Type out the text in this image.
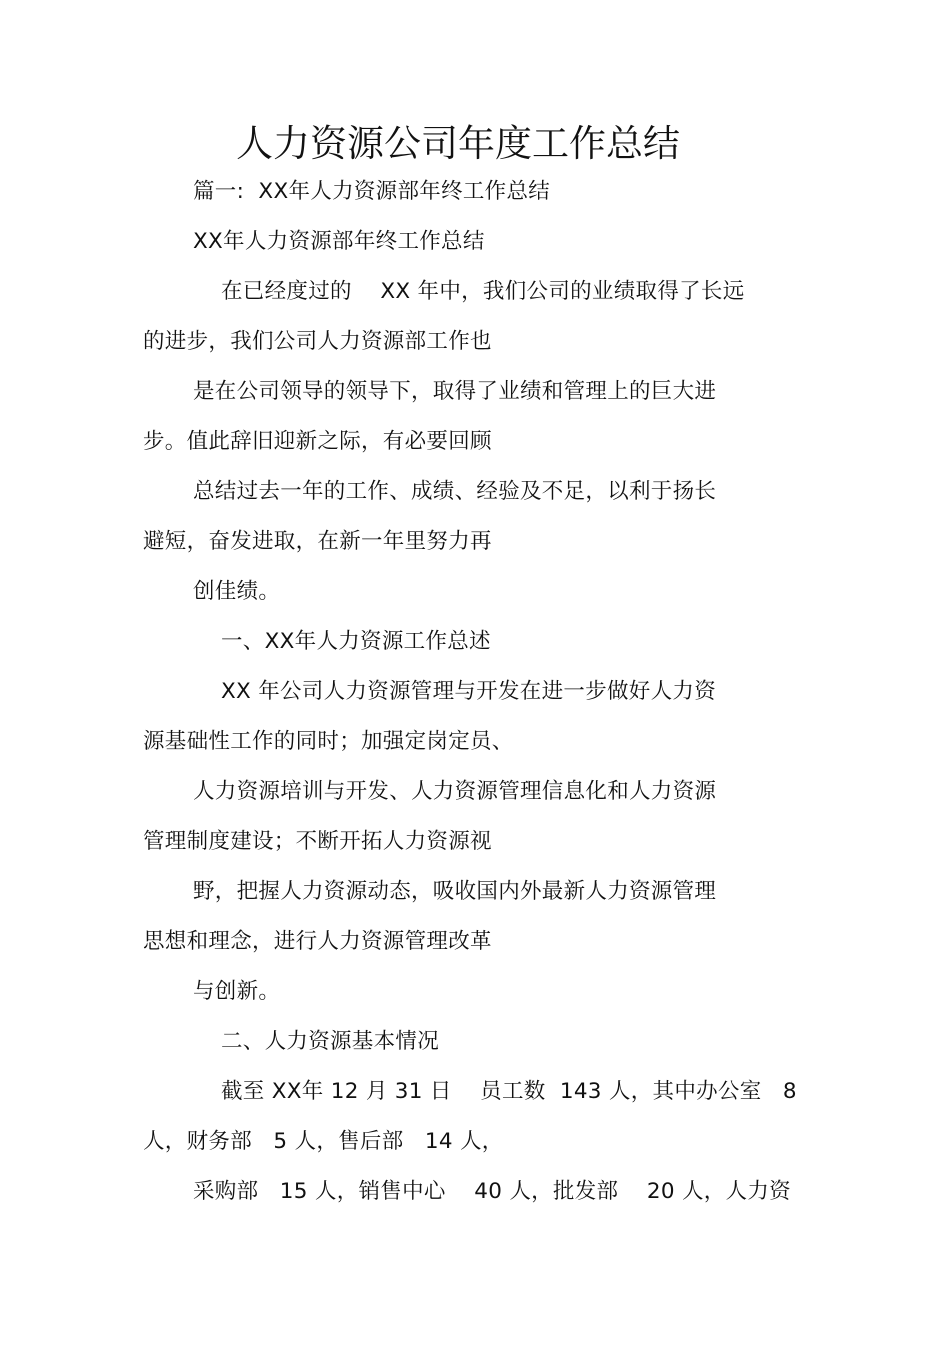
人力资源公司年度工作总结
篇一:  XX年人力资源部年终工作总结
XX年人力资源部年终工作总结
在已经度过的    XX 年中，我们公司的业绩取得了长远
的进步，我们公司人力资源部工作也
是在公司领导的领导下，取得了业绩和管理上的巨大进
步。值此辞旧迎新之际，有必要回顾
总结过去一年的工作、成绩、经验及不足，以利于扬长
避短，奋发进取，在新一年里努力再
创佳绩。
一、XX年人力资源工作总述
XX 年公司人力资源管理与开发在进一步做好人力资
源基础性工作的同时；加强定岗定员、
人力资源培训与开发、人力资源管理信息化和人力资源
管理制度建设；不断开拓人力资源视
野，把握人力资源动态，吸收国内外最新人力资源管理
思想和理念，进行人力资源管理改革
与创新。
二、人力资源基本情况
截至 XX年 12 月 31 日    员工数  143 人，其中办公室   8
人，财务部   5 人，售后部   14 人，
采购部   15 人，销售中心    40 人，批发部    20 人，人力资
